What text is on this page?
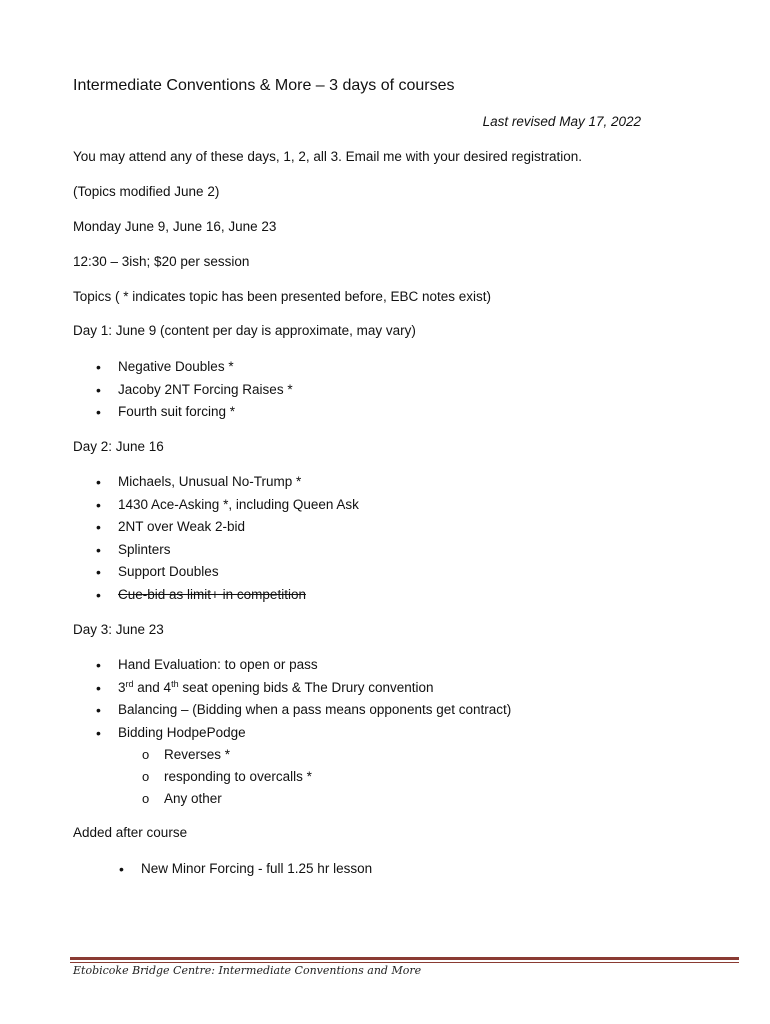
Intermediate Conventions & More – 3 days of courses
Last revised May 17, 2022
You may attend any of these days, 1, 2, all 3. Email me with your desired registration.
(Topics modified June 2)
Monday June 9, June 16, June 23
12:30 – 3ish; $20 per session
Topics ( * indicates topic has been presented before, EBC notes exist)
Day 1: June 9 (content per day is approximate, may vary)
• Negative Doubles *
• Jacoby 2NT Forcing Raises *
• Fourth suit forcing *
Day 2: June 16
• Michaels, Unusual No-Trump *
• 1430 Ace-Asking *, including Queen Ask
• 2NT over Weak 2-bid
• Splinters
• Support Doubles
• Cue-bid as limit+ in competition
Day 3: June 23
• Hand Evaluation: to open or pass
• 3rd and 4th seat opening bids & The Drury convention
• Balancing – (Bidding when a pass means opponents get contract)
• Bidding HodpePodge
o Reverses *
o responding to overcalls *
o Any other
Added after course
• New Minor Forcing - full 1.25 hr lesson
Etobicoke Bridge Centre: Intermediate Conventions and More
